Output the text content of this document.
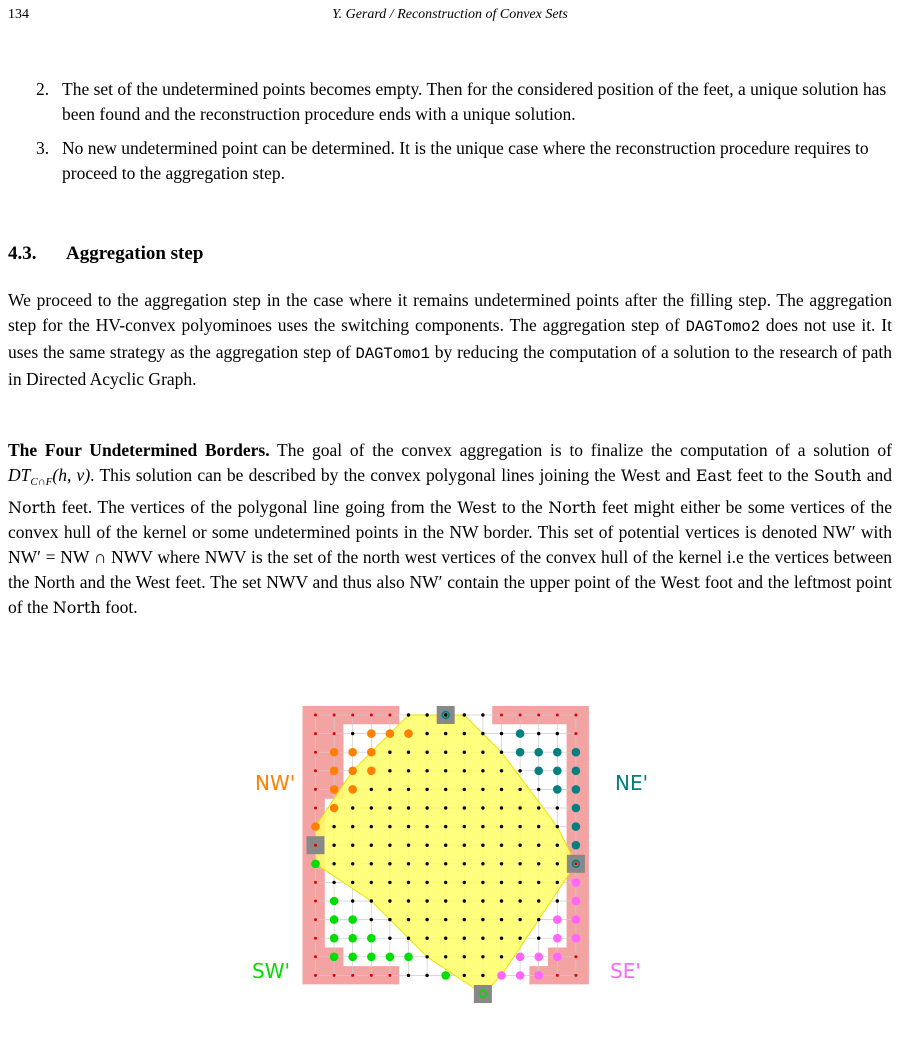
134	Y. Gerard / Reconstruction of Convex Sets
2. The set of the undetermined points becomes empty. Then for the considered position of the feet, a unique solution has been found and the reconstruction procedure ends with a unique solution.
3. No new undetermined point can be determined. It is the unique case where the reconstruction procedure requires to proceed to the aggregation step.
4.3. Aggregation step
We proceed to the aggregation step in the case where it remains undetermined points after the filling step. The aggregation step for the HV-convex polyominoes uses the switching components. The aggregation step of DAGTomo2 does not use it. It uses the same strategy as the aggregation step of DAGTomo1 by reducing the computation of a solution to the research of path in Directed Acyclic Graph.
The Four Undetermined Borders. The goal of the convex aggregation is to finalize the computation of a solution of $DT_{C\cap F}(h$, v). This solution can be described by the convex polygonal lines joining the West and East feet to the South and North feet. The vertices of the polygonal line going from the West to the North feet might either be some vertices of the convex hull of the kernel or some undetermined points in the NW border. This set of potential vertices is denoted NW′ with NW′ = NW ∩ NWV where NWV is the set of the north west vertices of the convex hull of the kernel i.e the vertices between the North and the West feet. The set NWV and thus also NW′ contain the upper point of the West foot and the leftmost point of the North foot.
NW'	NE'
SW'	SE'
